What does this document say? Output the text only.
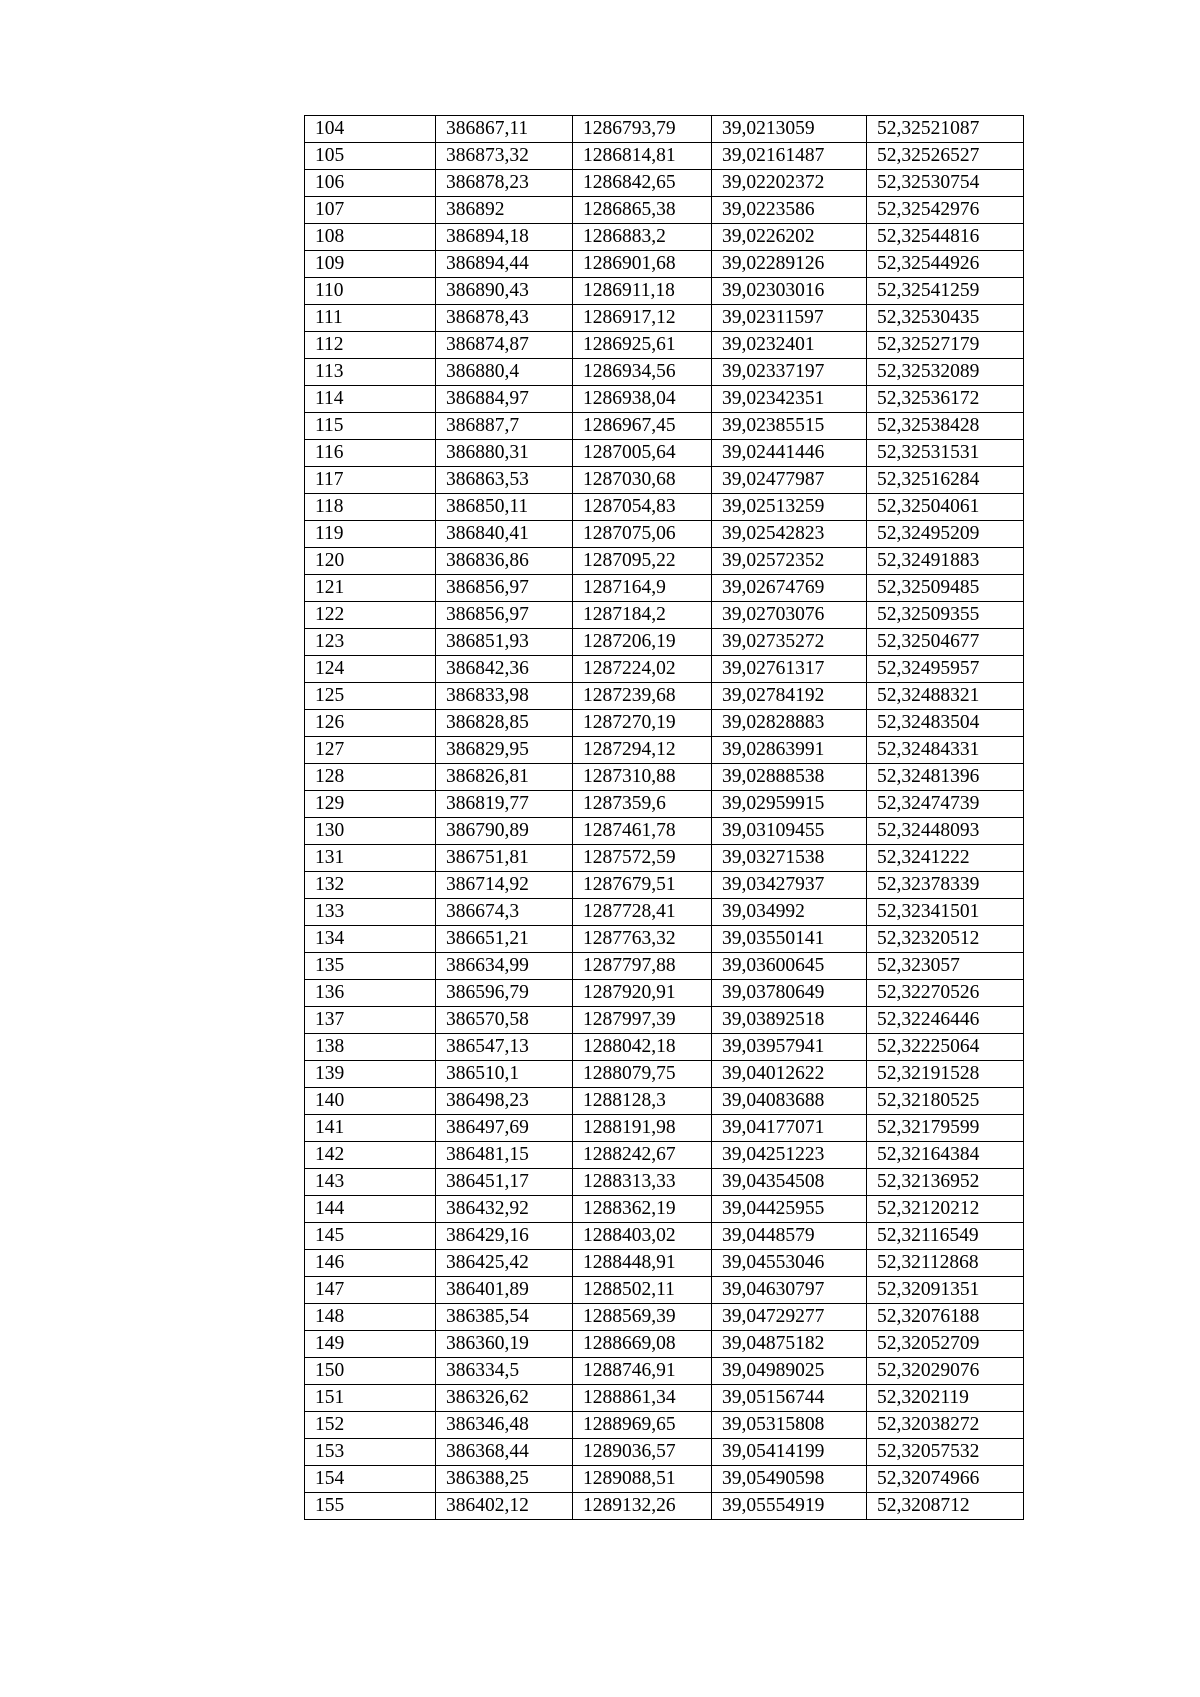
104	386867,11	1286793,79	39,0213059	52,32521087
105	386873,32	1286814,81	39,02161487	52,32526527
106	386878,23	1286842,65	39,02202372	52,32530754
107	386892	1286865,38	39,0223586	52,32542976
108	386894,18	1286883,2	39,0226202	52,32544816
109	386894,44	1286901,68	39,02289126	52,32544926
110	386890,43	1286911,18	39,02303016	52,32541259
111	386878,43	1286917,12	39,02311597	52,32530435
112	386874,87	1286925,61	39,0232401	52,32527179
113	386880,4	1286934,56	39,02337197	52,32532089
114	386884,97	1286938,04	39,02342351	52,32536172
115	386887,7	1286967,45	39,02385515	52,32538428
116	386880,31	1287005,64	39,02441446	52,32531531
117	386863,53	1287030,68	39,02477987	52,32516284
118	386850,11	1287054,83	39,02513259	52,32504061
119	386840,41	1287075,06	39,02542823	52,32495209
120	386836,86	1287095,22	39,02572352	52,32491883
121	386856,97	1287164,9	39,02674769	52,32509485
122	386856,97	1287184,2	39,02703076	52,32509355
123	386851,93	1287206,19	39,02735272	52,32504677
124	386842,36	1287224,02	39,02761317	52,32495957
125	386833,98	1287239,68	39,02784192	52,32488321
126	386828,85	1287270,19	39,02828883	52,32483504
127	386829,95	1287294,12	39,02863991	52,32484331
128	386826,81	1287310,88	39,02888538	52,32481396
129	386819,77	1287359,6	39,02959915	52,32474739
130	386790,89	1287461,78	39,03109455	52,32448093
131	386751,81	1287572,59	39,03271538	52,3241222
132	386714,92	1287679,51	39,03427937	52,32378339
133	386674,3	1287728,41	39,034992	52,32341501
134	386651,21	1287763,32	39,03550141	52,32320512
135	386634,99	1287797,88	39,03600645	52,323057
136	386596,79	1287920,91	39,03780649	52,32270526
137	386570,58	1287997,39	39,03892518	52,32246446
138	386547,13	1288042,18	39,03957941	52,32225064
139	386510,1	1288079,75	39,04012622	52,32191528
140	386498,23	1288128,3	39,04083688	52,32180525
141	386497,69	1288191,98	39,04177071	52,32179599
142	386481,15	1288242,67	39,04251223	52,32164384
143	386451,17	1288313,33	39,04354508	52,32136952
144	386432,92	1288362,19	39,04425955	52,32120212
145	386429,16	1288403,02	39,0448579	52,32116549
146	386425,42	1288448,91	39,04553046	52,32112868
147	386401,89	1288502,11	39,04630797	52,32091351
148	386385,54	1288569,39	39,04729277	52,32076188
149	386360,19	1288669,08	39,04875182	52,32052709
150	386334,5	1288746,91	39,04989025	52,32029076
151	386326,62	1288861,34	39,05156744	52,3202119
152	386346,48	1288969,65	39,05315808	52,32038272
153	386368,44	1289036,57	39,05414199	52,32057532
154	386388,25	1289088,51	39,05490598	52,32074966
155	386402,12	1289132,26	39,05554919	52,3208712
